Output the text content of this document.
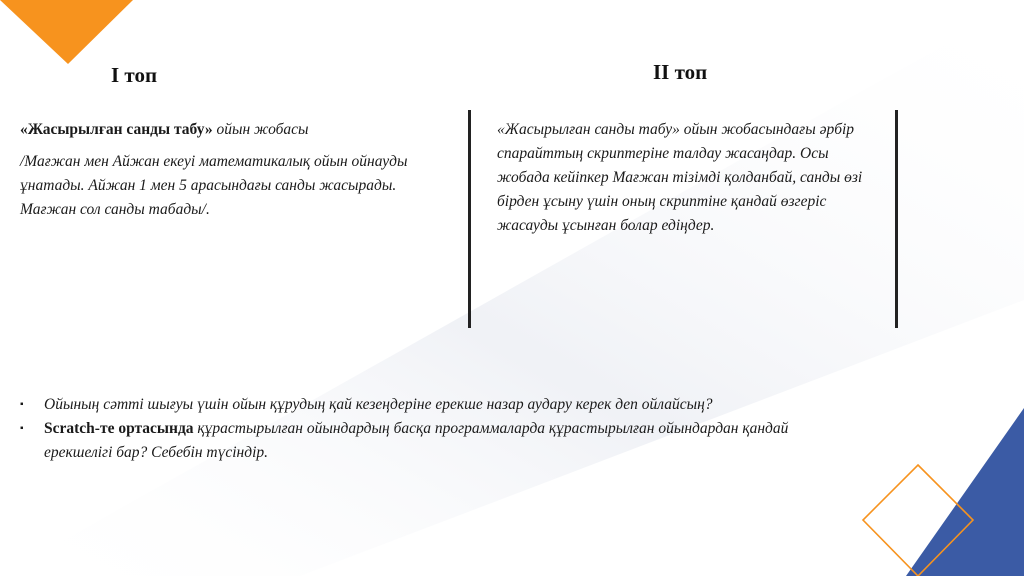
І топ	ІІ топ

«Жасырылған санды табу» ойын жобасы

/Мағжан мен Айжан екеуі математикалық ойын ойнауды ұнатады. Айжан 1 мен 5 арасындағы санды жасырады. Мағжан сол санды табады/.

«Жасырылған санды табу» ойын жобасындағы әрбір спарайттың скриптеріне талдау жасаңдар. Осы жобада кейіпкер Мағжан тізімді қолданбай, санды өзі бірден ұсыну үшін оның скриптіне қандай өзгеріс жасауды ұсынған болар едіңдер.
▪	Ойының сәтті шығуы үшін ойын құрудың қай кезеңдеріне ерекше назар аудару керек деп ойлайсың?
▪	Scratch-те ортасында құрастырылған ойындардың басқа программаларда құрастырылған ойындардан қандай ерекшелігі бар? Себебін түсіндір.
